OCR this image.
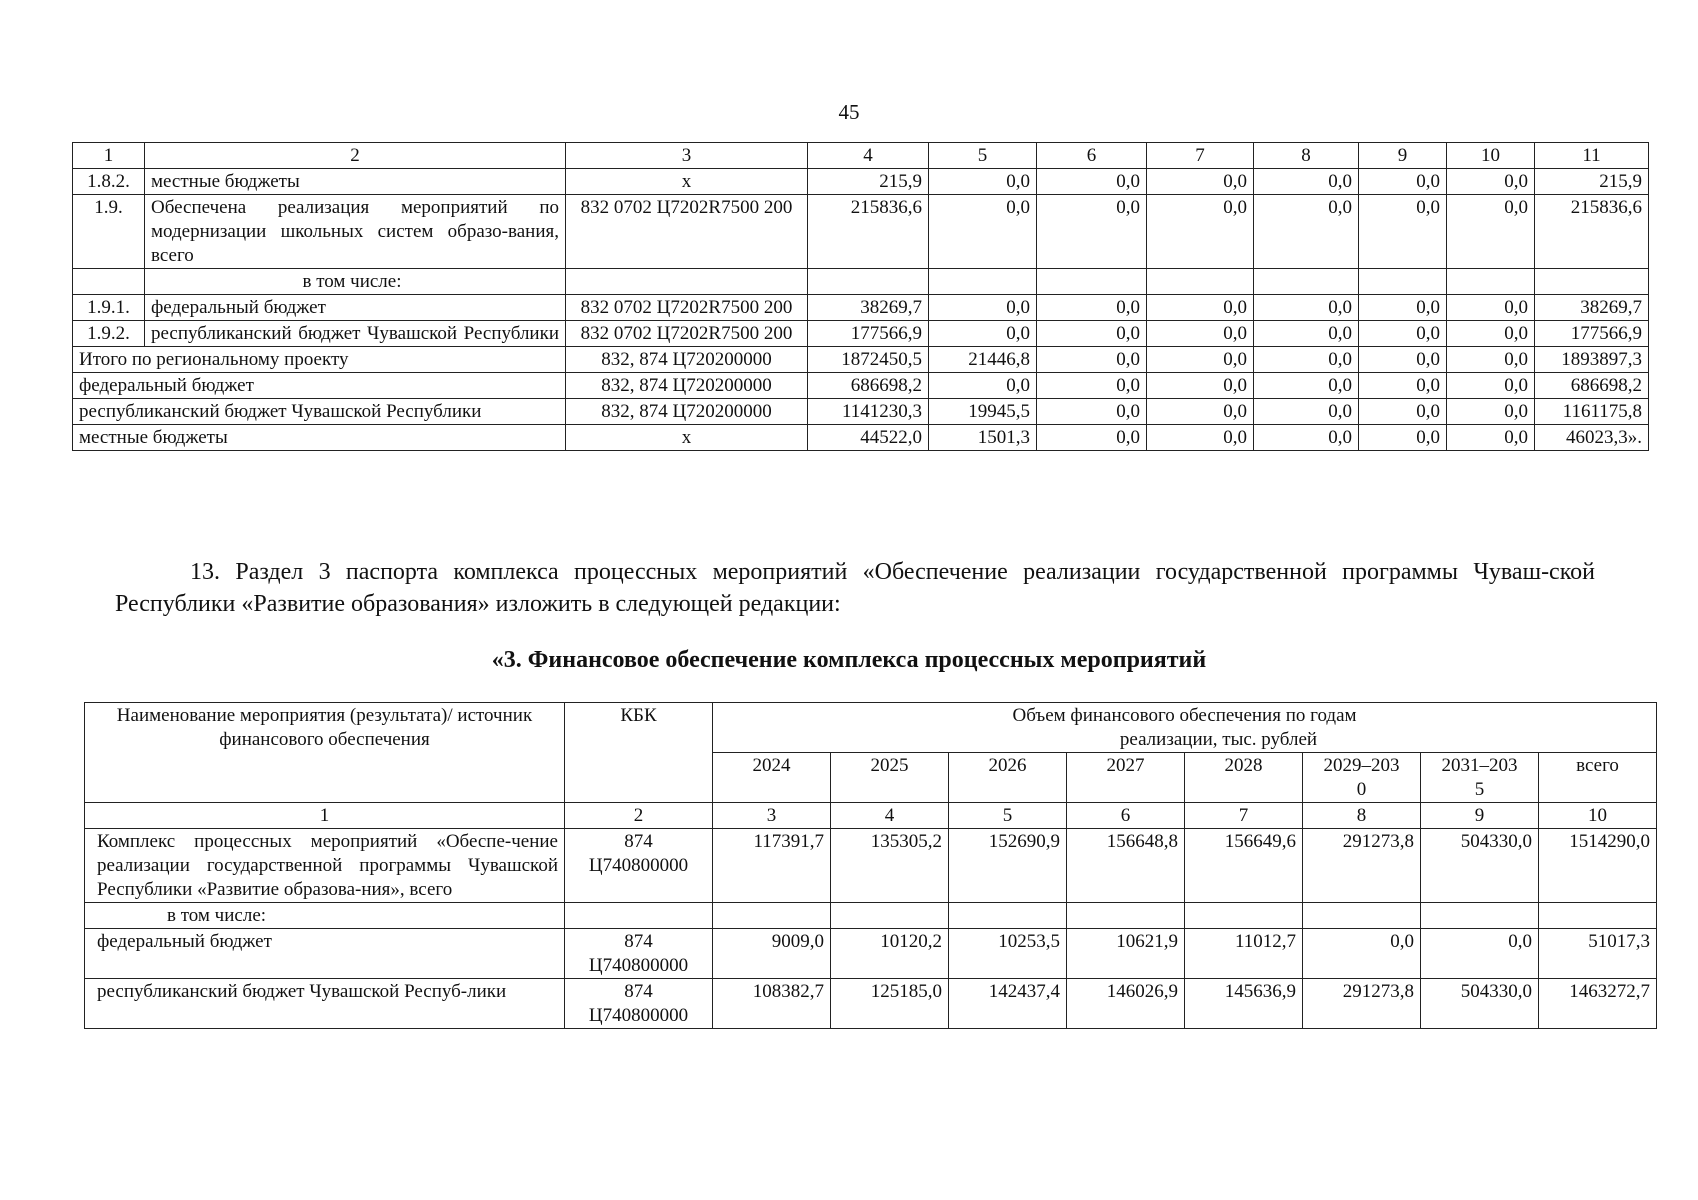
45
1	2	3	4	5	6	7	8	9	10	11
1.8.2.	местные бюджеты	х	215,9	0,0	0,0	0,0	0,0	0,0	0,0	215,9
1.9.	Обеспечена реализация мероприятий по модернизации школьных систем образо-вания, всего	832 0702 Ц7202R7500 200	215836,6	0,0	0,0	0,0	0,0	0,0	0,0	215836,6
	в том числе:									
1.9.1.	федеральный бюджет	832 0702 Ц7202R7500 200	38269,7	0,0	0,0	0,0	0,0	0,0	0,0	38269,7
1.9.2.	республиканский бюджет Чувашской Республики	832 0702 Ц7202R7500 200	177566,9	0,0	0,0	0,0	0,0	0,0	0,0	177566,9
Итого по региональному проекту		832, 874 Ц720200000	1872450,5	21446,8	0,0	0,0	0,0	0,0	0,0	1893897,3
федеральный бюджет		832, 874 Ц720200000	686698,2	0,0	0,0	0,0	0,0	0,0	0,0	686698,2
республиканский бюджет Чувашской Республики		832, 874 Ц720200000	1141230,3	19945,5	0,0	0,0	0,0	0,0	0,0	1161175,8
местные бюджеты		х	44522,0	1501,3	0,0	0,0	0,0	0,0	0,0	46023,3».

13. Раздел 3 паспорта комплекса процессных мероприятий «Обеспечение реализации государственной программы Чуваш-ской Республики «Развитие образования» изложить в следующей редакции:

«3. Финансовое обеспечение комплекса процессных мероприятий

Наименование мероприятия (результата)/ источник финансового обеспечения	КБК	Объем финансового обеспечения по годам
реализации, тыс. рублей							
		2024	2025	2026	2027	2028	2029–2030	2031–2035	всего
1	2	3	4	5	6	7	8	9	10
Комплекс процессных мероприятий «Обеспе-чение реализации государственной программы Чувашской Республики «Развитие образова-ния», всего	874 Ц740800000	117391,7	135305,2	152690,9	156648,8	156649,6	291273,8	504330,0	1514290,0
в том числе:									
федеральный бюджет	874 Ц740800000	9009,0	10120,2	10253,5	10621,9	11012,7	0,0	0,0	51017,3
республиканский бюджет Чувашской Респуб-лики	874 Ц740800000	108382,7	125185,0	142437,4	146026,9	145636,9	291273,8	504330,0	1463272,7
